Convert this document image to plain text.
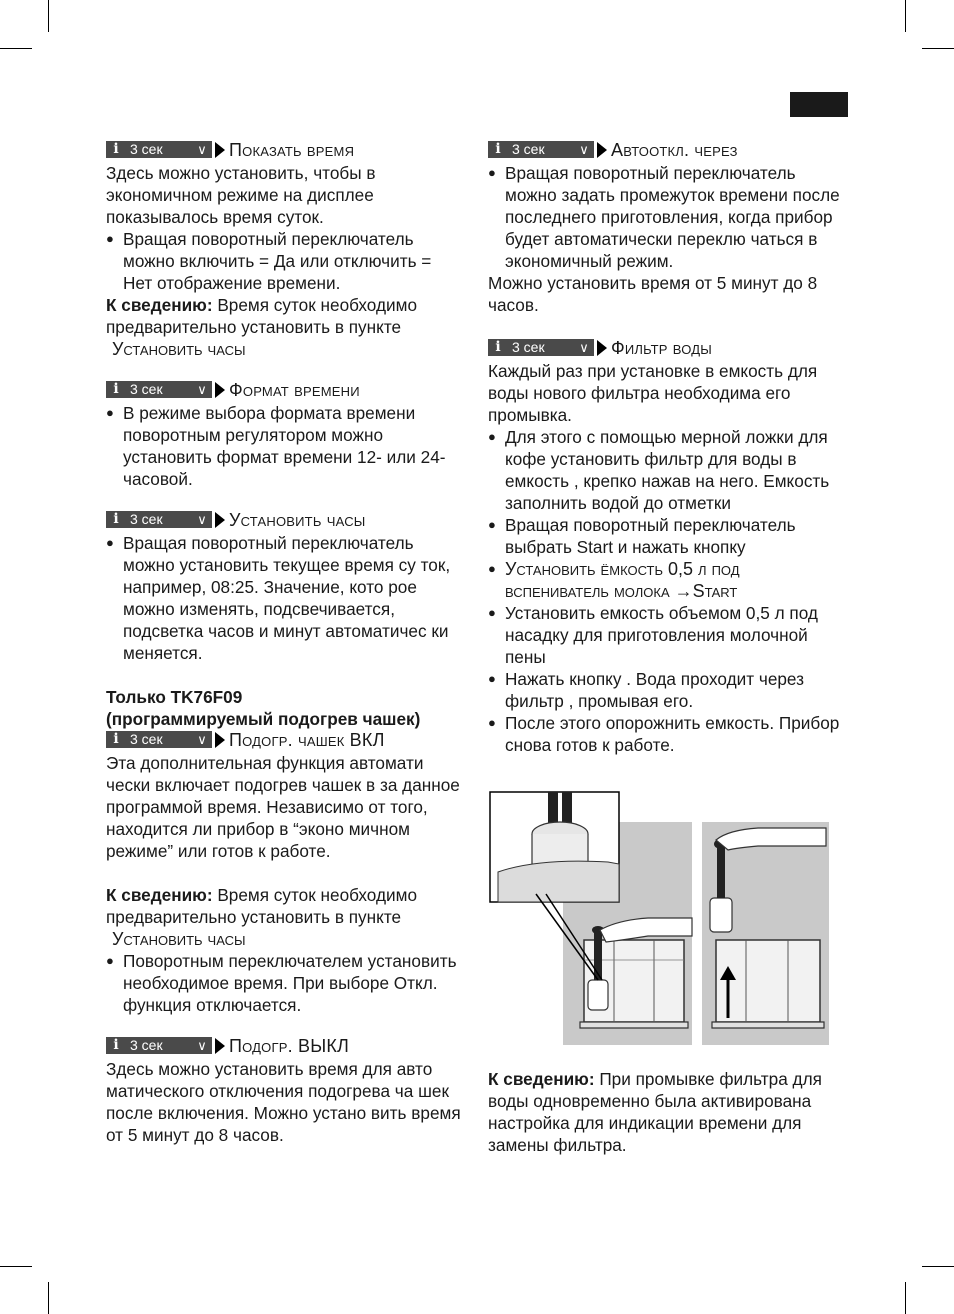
i 3 сек	∨ Показать время

Здесь можно установить, чтобы в экономичном режиме на дисплее показывалось время суток.

● Вращая поворотный переключатель можно включить = Да или отключить = Нет отображение времени.

К сведению: Время суток необходимо предварительно установить в пункте

Установить часы

i 3 сек	∨ Формат времени

● В режиме выбора формата времени поворотным регулятором можно установить формат времени 12- или 24-часовой.

i 3 сек	∨ Установить часы

● Вращая поворотный переключатель можно установить текущее время су ток, например, 08:25. Значение, кото рое можно изменять, подсвечивается, подсветка часов и минут автоматичес ки меняется.

Только TK76F09

(программируемый подогрев чашек)

i 3 сек	∨ Подогр. чашек ВКЛ

Эта дополнительная функция автомати чески включает подогрев чашек в за данное программой время. Независимо от того, находится ли прибор в “эконо мичном режиме” или готов к работе.

К сведению: Время суток необходимо предварительно установить в пункте

Установить часы

● Поворотным переключателем установить необходимое время. При выборе Откл. функция отключается.

i 3 сек	∨ Подогр. ВЫКЛ

Здесь можно установить время для авто матического отключения подогрева ча шек после включения. Можно устано вить время от 5 минут до 8 часов.

i 3 сек	∨ Автооткл. через

● Вращая поворотный переключатель можно задать промежуток времени после последнего приготовления, когда прибор будет автоматически переклю чаться в экономичный режим.

Можно установить время от 5 минут до 8 часов.

i 3 сек	∨ Фильтр воды

Каждый раз при установке в емкость для воды нового фильтра необходима его промывка.

● Для этого с помощью мерной ложки для кофе установить фильтр для воды в емкость , крепко нажав на него. Емкость заполнить водой до отметки

● Вращая поворотный переключатель выбрать Start и нажать кнопку

● Установить ёмкость 0,5 л под вспениватель молока →Start

● Установить емкость объемом 0,5 л под насадку для приготовления молочной пены

● Нажать кнопку . Вода проходит через фильтр , промывая его.

● После этого опорожнить емкость. Прибор снова готов к работе.

К сведению: При промывке фильтра для воды одновременно была активирована настройка для индикации времени для замены фильтра.
